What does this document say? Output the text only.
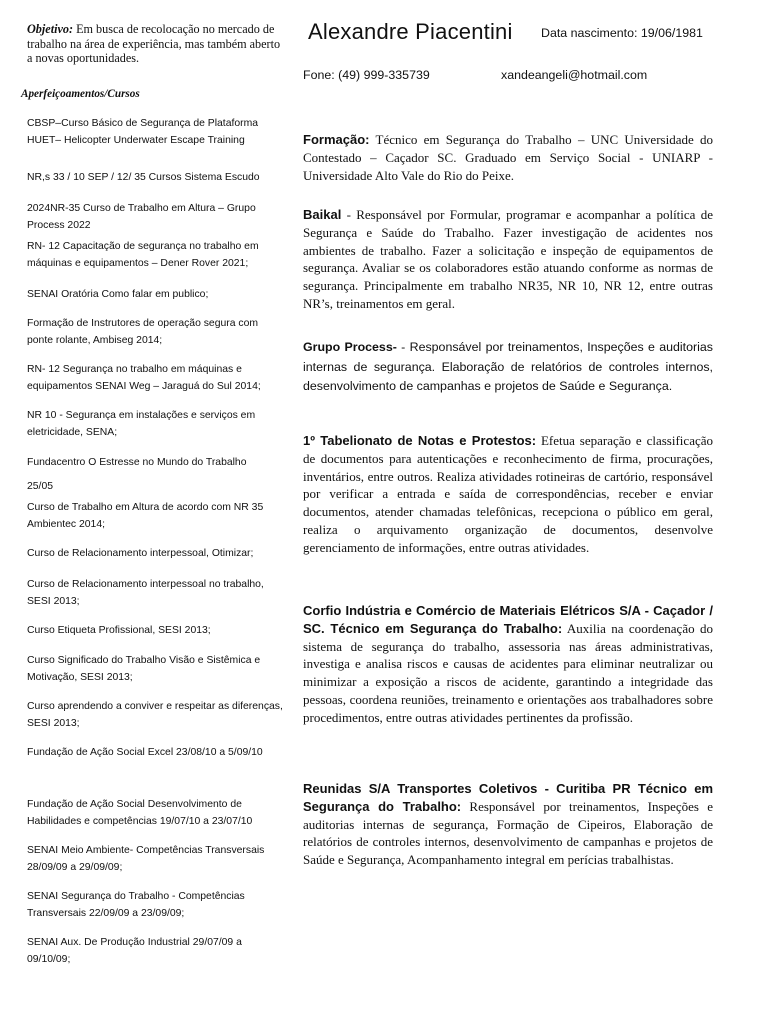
Objetivo: Em busca de recolocação no mercado de trabalho na área de experiência, mas também aberto a novas oportunidades.

Aperfeiçoamentos/Cursos
CBSP–Curso Básico de Segurança de Plataforma HUET– Helicopter Underwater Escape Training
NR,s 33 / 10 SEP / 12/ 35 Cursos Sistema Escudo
2024NR-35 Curso de Trabalho em Altura – Grupo Process 2022
RN- 12 Capacitação de segurança no trabalho em máquinas e equipamentos – Dener Rover 2021;
SENAI Oratória Como falar em publico;
Formação de Instrutores de operação segura com ponte rolante, Ambiseg 2014;
RN- 12 Segurança no trabalho em máquinas e equipamentos SENAI Weg – Jaraguá do Sul 2014;
NR 10 - Segurança em instalações e serviços em eletricidade, SENA;
Fundacentro O Estresse no Mundo do Trabalho
25/05
Curso de Trabalho em Altura de acordo com NR 35 Ambientec 2014;
Curso de Relacionamento interpessoal, Otimizar;
Curso de Relacionamento interpessoal no trabalho, SESI 2013;
Curso Etiqueta Profissional, SESI 2013;
Curso Significado do Trabalho Visão e Sistêmica e Motivação, SESI 2013;
Curso aprendendo a conviver e respeitar as diferenças, SESI 2013;
Fundação de Ação Social Excel 23/08/10 a 5/09/10
Fundação de Ação Social Desenvolvimento de Habilidades e competências 19/07/10 a 23/07/10
SENAI Meio Ambiente- Competências Transversais 28/09/09 a 29/09/09;
SENAI Segurança do Trabalho - Competências Transversais 22/09/09 a 23/09/09;
SENAI Aux. De Produção Industrial 29/07/09 a 09/10/09;
Alexandre Piacentini Data nascimento: 19/06/1981
Fone: (49) 999-335739	xandeangeli@hotmail.com
Formação: Técnico em Segurança do Trabalho – UNC Universidade do Contestado – Caçador SC. Graduado em Serviço Social - UNIARP - Universidade Alto Vale do Rio do Peixe.
Baikal - Responsável por Formular, programar e acompanhar a política de Segurança e Saúde do Trabalho. Fazer investigação de acidentes nos ambientes de trabalho. Fazer a solicitação e inspeção de equipamentos de segurança. Avaliar se os colaboradores estão atuando conforme as normas de segurança. Principalmente em trabalho NR35, NR 10, NR 12, entre outras NR’s, treinamentos em geral.
Grupo Process- - Responsável por treinamentos, Inspeções e auditorias internas de segurança. Elaboração de relatórios de controles internos, desenvolvimento de campanhas e projetos de Saúde e Segurança.
1º Tabelionato de Notas e Protestos: Efetua separação e classificação de documentos para autenticações e reconhecimento de firma, procurações, inventários, entre outros. Realiza atividades rotineiras de cartório, responsável por verificar a entrada e saída de correspondências, receber e enviar documentos, atender chamadas telefônicas, recepciona o público em geral, realiza o arquivamento organização de documentos, desenvolve gerenciamento de informações, entre outras atividades.
Corfio Indústria e Comércio de Materiais Elétricos S/A - Caçador / SC. Técnico em Segurança do Trabalho: Auxilia na coordenação do sistema de segurança do trabalho, assessoria nas áreas administrativas, investiga e analisa riscos e causas de acidentes para eliminar neutralizar ou minimizar a exposição a riscos de acidente, garantindo a integridade das pessoas, coordena reuniões, treinamento e orientações aos trabalhadores sobre procedimentos, entre outras atividades pertinentes da profissão.
Reunidas S/A Transportes Coletivos - Curitiba PR Técnico em Segurança do Trabalho: Responsável por treinamentos, Inspeções e auditorias internas de segurança, Formação de Cipeiros, Elaboração de relatórios de controles internos, desenvolvimento de campanhas e projetos de Saúde e Segurança, Acompanhamento integral em perícias trabalhistas.
